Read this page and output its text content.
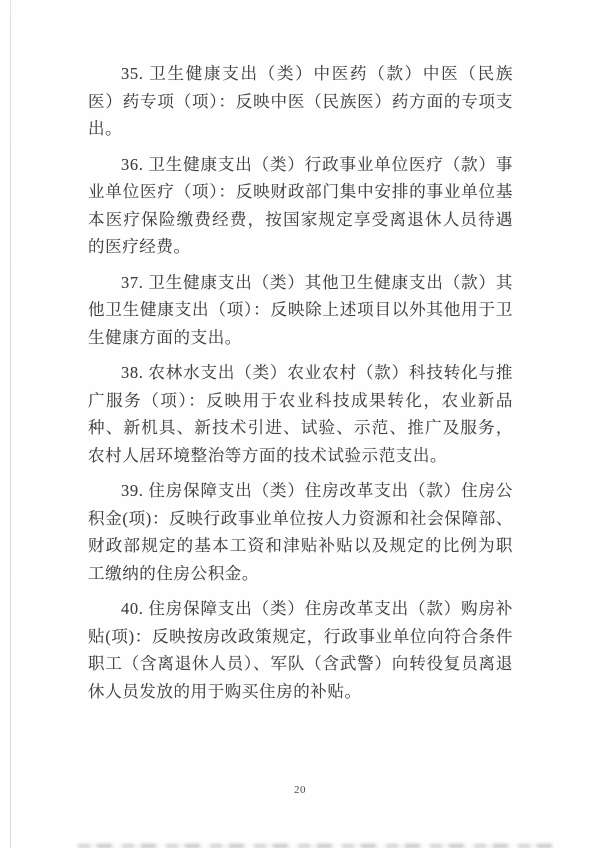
35. 卫生健康支出（类）中医药（款）中医（民族医）药专项（项）：反映中医（民族医）药方面的专项支出。

36. 卫生健康支出（类）行政事业单位医疗（款）事业单位医疗（项）：反映财政部门集中安排的事业单位基本医疗保险缴费经费，按国家规定享受离退休人员待遇的医疗经费。

37. 卫生健康支出（类）其他卫生健康支出（款）其他卫生健康支出（项）：反映除上述项目以外其他用于卫生健康方面的支出。

38. 农林水支出（类）农业农村（款）科技转化与推广服务（项）：反映用于农业科技成果转化，农业新品种、新机具、新技术引进、试验、示范、推广及服务，农村人居环境整治等方面的技术试验示范支出。

39. 住房保障支出（类）住房改革支出（款）住房公积金(项)：反映行政事业单位按人力资源和社会保障部、财政部规定的基本工资和津贴补贴以及规定的比例为职工缴纳的住房公积金。

40. 住房保障支出（类）住房改革支出（款）购房补贴(项)：反映按房改政策规定，行政事业单位向符合条件职工（含离退休人员）、军队（含武警）向转役复员离退休人员发放的用于购买住房的补贴。

20
